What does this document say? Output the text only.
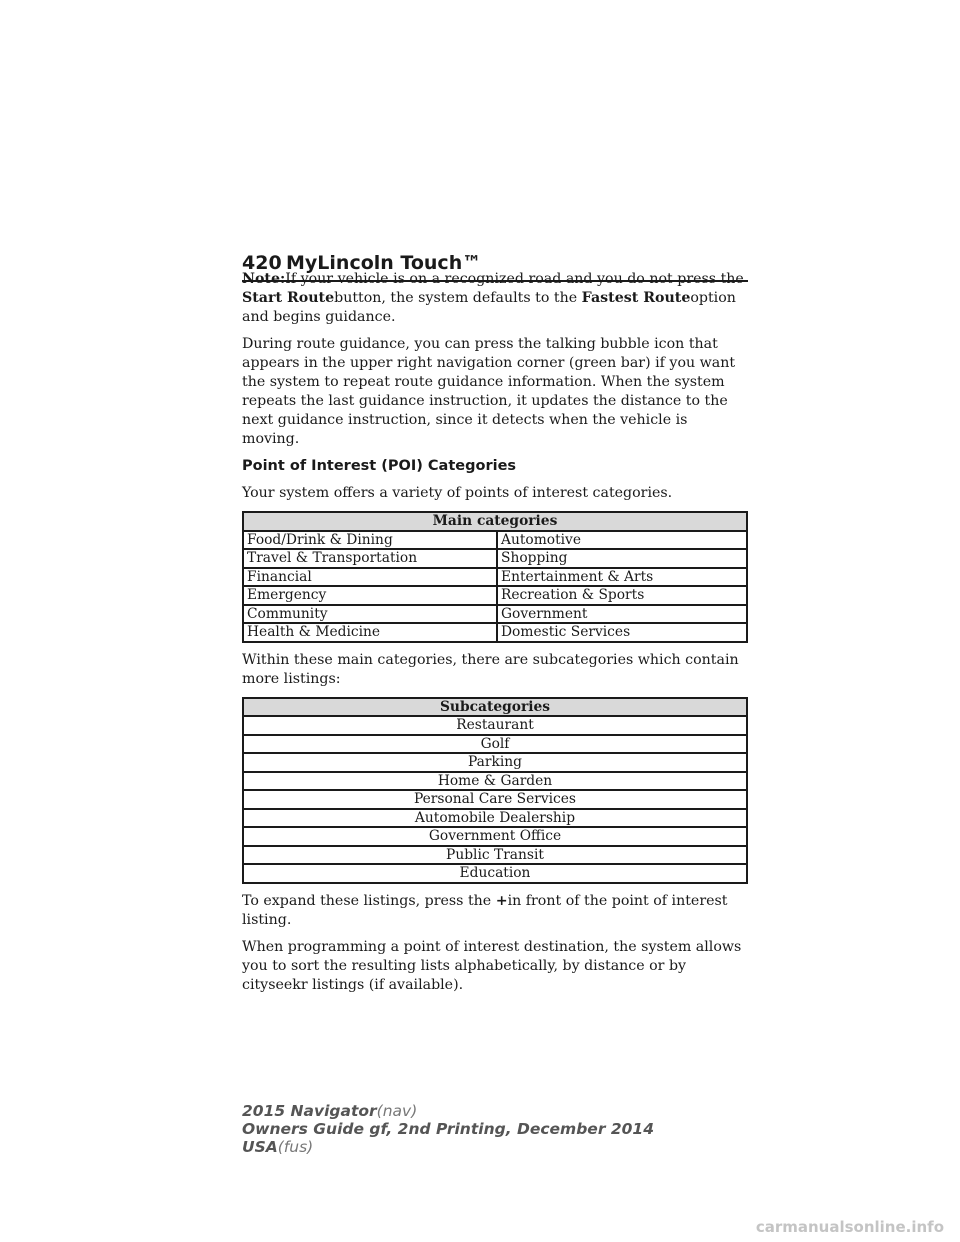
420 MyLincoln Touch™

Note:If your vehicle is on a recognized road and you do not press the Start Routebutton, the system defaults to the Fastest Routeoption and begins guidance.

During route guidance, you can press the talking bubble icon that appears in the upper right navigation corner (green bar) if you want the system to repeat route guidance information. When the system repeats the last guidance instruction, it updates the distance to the next guidance instruction, since it detects when the vehicle is moving.

Point of Interest (POI) Categories

Your system offers a variety of points of interest categories.

Main categories	
Food/Drink & Dining	Automotive
Travel & Transportation	Shopping
Financial	Entertainment & Arts
Emergency	Recreation & Sports
Community	Government
Health & Medicine	Domestic Services

Within these main categories, there are subcategories which contain more listings:

Subcategories
Restaurant
Golf
Parking
Home & Garden
Personal Care Services
Automobile Dealership
Government Office
Public Transit
Education

To expand these listings, press the +in front of the point of interest listing.

When programming a point of interest destination, the system allows you to sort the resulting lists alphabetically, by distance or by cityseekr listings (if available).

2015 Navigator(nav)
Owners Guide gf, 2nd Printing, December 2014
USA(fus)
carmanualsonline.info
